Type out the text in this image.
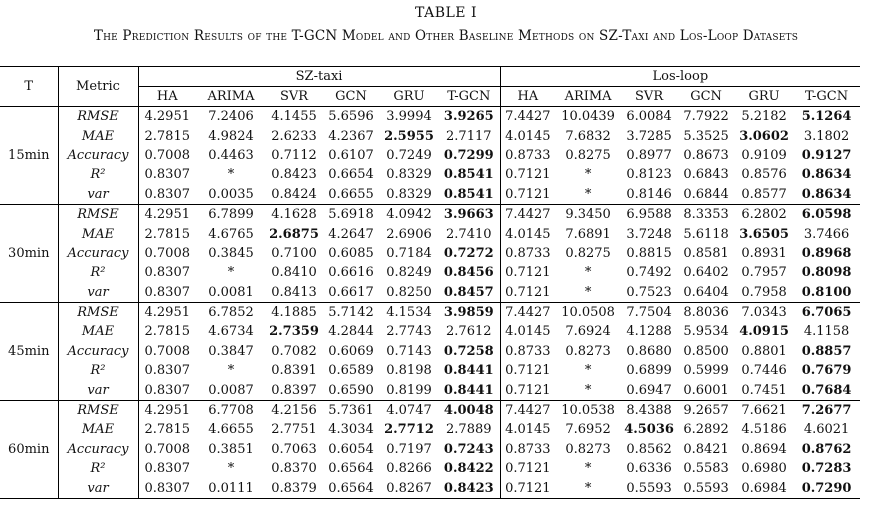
TABLE I
The Prediction Results of the T-GCN Model and Other Baseline Methods on SZ-Taxi and Los-Loop Datasets
T	Metric	SZ-taxi						Los-loop					
		HA	ARIMA	SVR	GCN	GRU	T-GCN	HA	ARIMA	SVR	GCN	GRU	T-GCN
15min	RMSE	4.2951	7.2406	4.1455	5.6596	3.9994	3.9265	7.4427	10.0439	6.0084	7.7922	5.2182	5.1264
	MAE	2.7815	4.9824	2.6233	4.2367	2.5955	2.7117	4.0145	7.6832	3.7285	5.3525	3.0602	3.1802
	Accuracy	0.7008	0.4463	0.7112	0.6107	0.7249	0.7299	0.8733	0.8275	0.8977	0.8673	0.9109	0.9127
	R²	0.8307	*	0.8423	0.6654	0.8329	0.8541	0.7121	*	0.8123	0.6843	0.8576	0.8634
	var	0.8307	0.0035	0.8424	0.6655	0.8329	0.8541	0.7121	*	0.8146	0.6844	0.8577	0.8634
30min	RMSE	4.2951	6.7899	4.1628	5.6918	4.0942	3.9663	7.4427	9.3450	6.9588	8.3353	6.2802	6.0598
	MAE	2.7815	4.6765	2.6875	4.2647	2.6906	2.7410	4.0145	7.6891	3.7248	5.6118	3.6505	3.7466
	Accuracy	0.7008	0.3845	0.7100	0.6085	0.7184	0.7272	0.8733	0.8275	0.8815	0.8581	0.8931	0.8968
	R²	0.8307	*	0.8410	0.6616	0.8249	0.8456	0.7121	*	0.7492	0.6402	0.7957	0.8098
	var	0.8307	0.0081	0.8413	0.6617	0.8250	0.8457	0.7121	*	0.7523	0.6404	0.7958	0.8100
45min	RMSE	4.2951	6.7852	4.1885	5.7142	4.1534	3.9859	7.4427	10.0508	7.7504	8.8036	7.0343	6.7065
	MAE	2.7815	4.6734	2.7359	4.2844	2.7743	2.7612	4.0145	7.6924	4.1288	5.9534	4.0915	4.1158
	Accuracy	0.7008	0.3847	0.7082	0.6069	0.7143	0.7258	0.8733	0.8273	0.8680	0.8500	0.8801	0.8857
	R²	0.8307	*	0.8391	0.6589	0.8198	0.8441	0.7121	*	0.6899	0.5999	0.7446	0.7679
	var	0.8307	0.0087	0.8397	0.6590	0.8199	0.8441	0.7121	*	0.6947	0.6001	0.7451	0.7684
60min	RMSE	4.2951	6.7708	4.2156	5.7361	4.0747	4.0048	7.4427	10.0538	8.4388	9.2657	7.6621	7.2677
	MAE	2.7815	4.6655	2.7751	4.3034	2.7712	2.7889	4.0145	7.6952	4.5036	6.2892	4.5186	4.6021
	Accuracy	0.7008	0.3851	0.7063	0.6054	0.7197	0.7243	0.8733	0.8273	0.8562	0.8421	0.8694	0.8762
	R²	0.8307	*	0.8370	0.6564	0.8266	0.8422	0.7121	*	0.6336	0.5583	0.6980	0.7283
	var	0.8307	0.0111	0.8379	0.6564	0.8267	0.8423	0.7121	*	0.5593	0.5593	0.6984	0.7290
